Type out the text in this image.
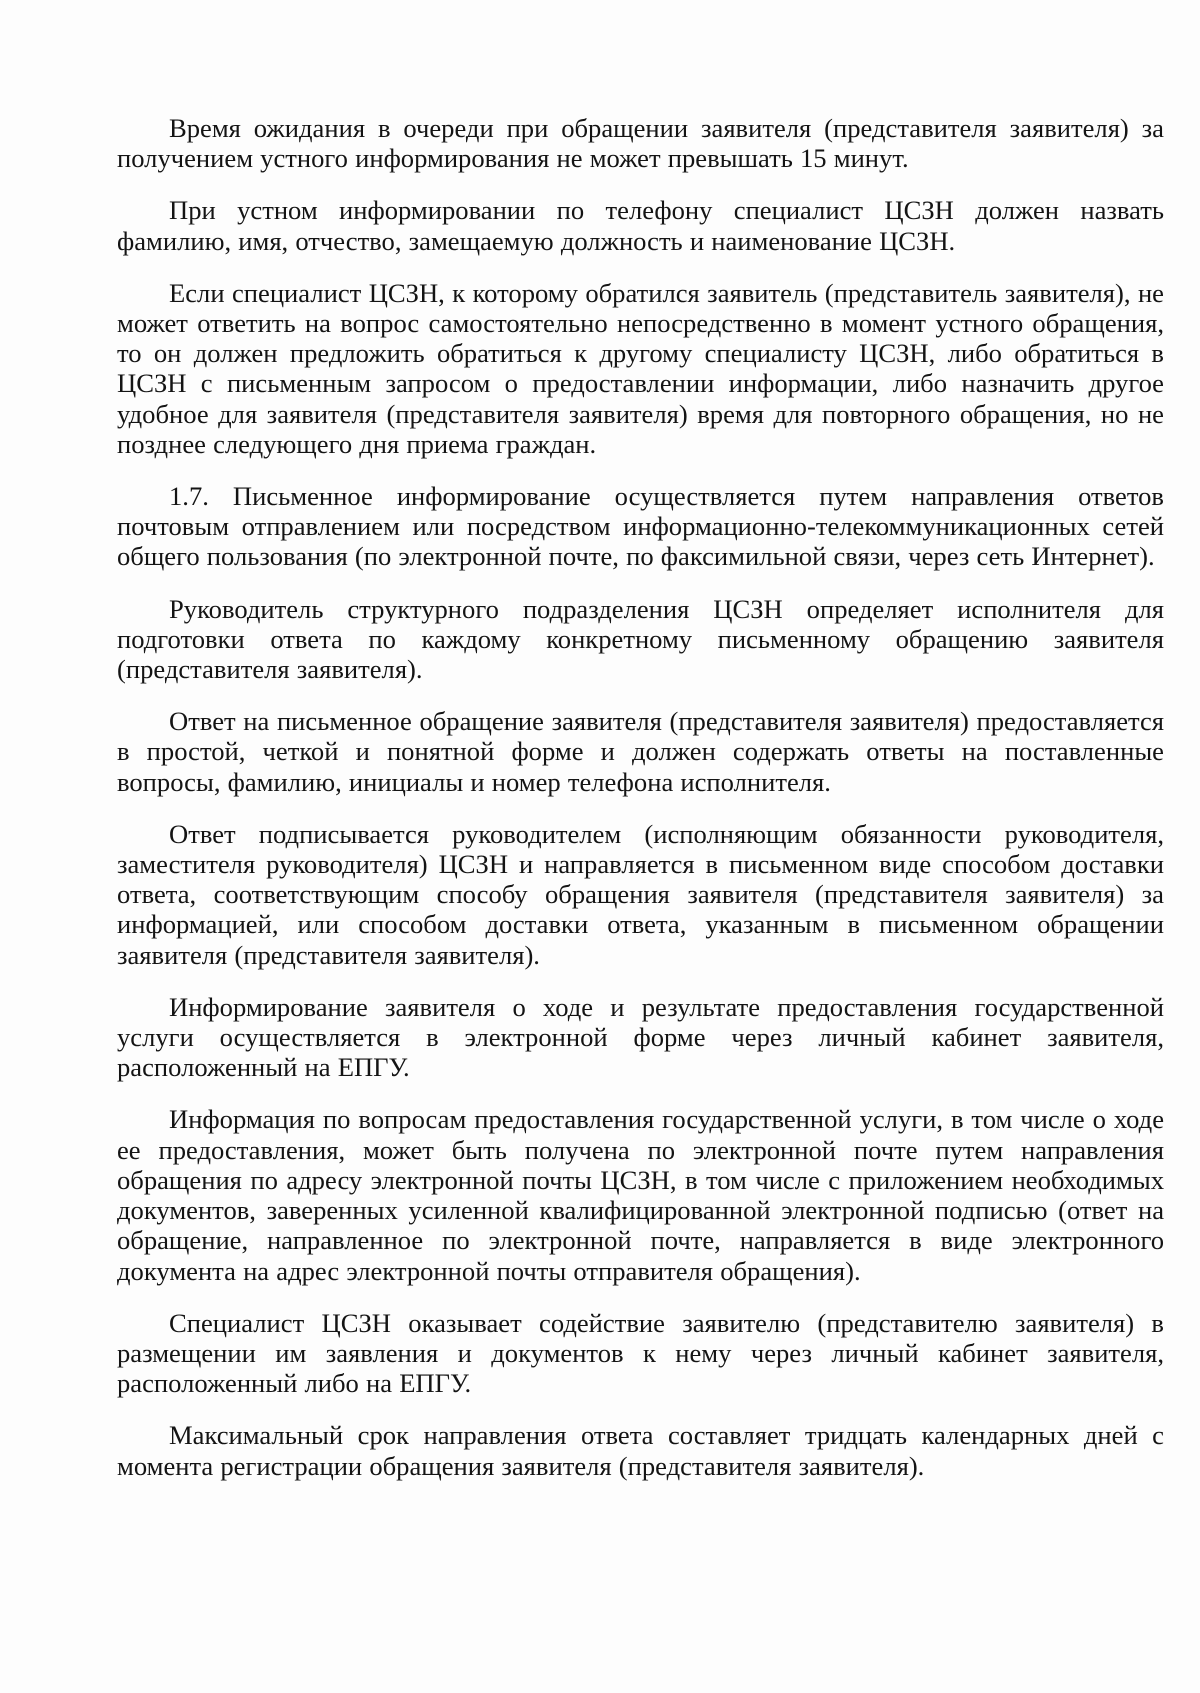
Время ожидания в очереди при обращении заявителя (представителя заявителя) за получением устного информирования не может превышать 15 минут.

При устном информировании по телефону специалист ЦСЗН должен назвать фамилию, имя, отчество, замещаемую должность и наименование ЦСЗН.

Если специалист ЦСЗН, к которому обратился заявитель (представитель заявителя), не может ответить на вопрос самостоятельно непосредственно в момент устного обращения, то он должен предложить обратиться к другому специалисту ЦСЗН, либо обратиться в ЦСЗН с письменным запросом о предоставлении информации, либо назначить другое удобное для заявителя (представителя заявителя) время для повторного обращения, но не позднее следующего дня приема граждан.

1.7. Письменное информирование осуществляется путем направления ответов почтовым отправлением или посредством информационно-телекоммуникационных сетей общего пользования (по электронной почте, по факсимильной связи, через сеть Интернет).

Руководитель структурного подразделения ЦСЗН определяет исполнителя для подготовки ответа по каждому конкретному письменному обращению заявителя (представителя заявителя).

Ответ на письменное обращение заявителя (представителя заявителя) предоставляется в простой, четкой и понятной форме и должен содержать ответы на поставленные вопросы, фамилию, инициалы и номер телефона исполнителя.

Ответ подписывается руководителем (исполняющим обязанности руководителя, заместителя руководителя) ЦСЗН и направляется в письменном виде способом доставки ответа, соответствующим способу обращения заявителя (представителя заявителя) за информацией, или способом доставки ответа, указанным в письменном обращении заявителя (представителя заявителя).

Информирование заявителя о ходе и результате предоставления государственной услуги осуществляется в электронной форме через личный кабинет заявителя, расположенный на ЕПГУ.

Информация по вопросам предоставления государственной услуги, в том числе о ходе ее предоставления, может быть получена по электронной почте путем направления обращения по адресу электронной почты ЦСЗН, в том числе с приложением необходимых документов, заверенных усиленной квалифицированной электронной подписью (ответ на обращение, направленное по электронной почте, направляется в виде электронного документа на адрес электронной почты отправителя обращения).

Специалист ЦСЗН оказывает содействие заявителю (представителю заявителя) в размещении им заявления и документов к нему через личный кабинет заявителя, расположенный либо на ЕПГУ.

Максимальный срок направления ответа составляет тридцать календарных дней с момента регистрации обращения заявителя (представителя заявителя).
